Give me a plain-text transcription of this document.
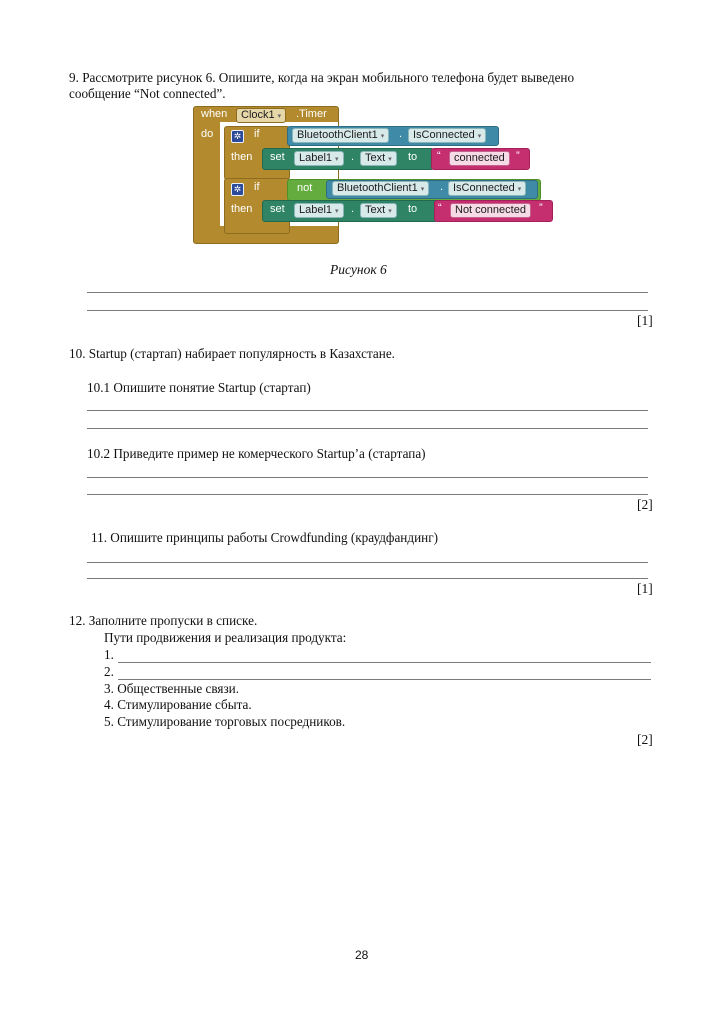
9. Рассмотрите рисунок 6. Опишите, когда на экран мобильного телефона будет выведено
сообщение “Not connected”.
when	Clock1 ▾	.Timer
do	✲ if
then
BluetoothClient1 ▾	. IsConnected ▾
set	Label1 ▾	. Text ▾	to “	connected	”
✲ if
then
not	BluetoothClient1 ▾	. IsConnected ▾
set	Label1 ▾	. Text ▾	to “	Not connected	”
Рисунок 6
[1]
10. Startup (стартап) набирает популярность в Казахстане.
10.1 Опишите понятие Startup (стартап)
10.2 Приведите пример не комерческого Startup’а (стартапа)
[2]
11. Опишите принципы работы Crowdfunding (краудфандинг)
[1]
12. Заполните пропуски в списке.
Пути продвижения и реализация продукта:
1.
2.
3. Общественные связи.
4. Стимулирование сбыта.
5. Стимулирование торговых посредников.
[2]
28
